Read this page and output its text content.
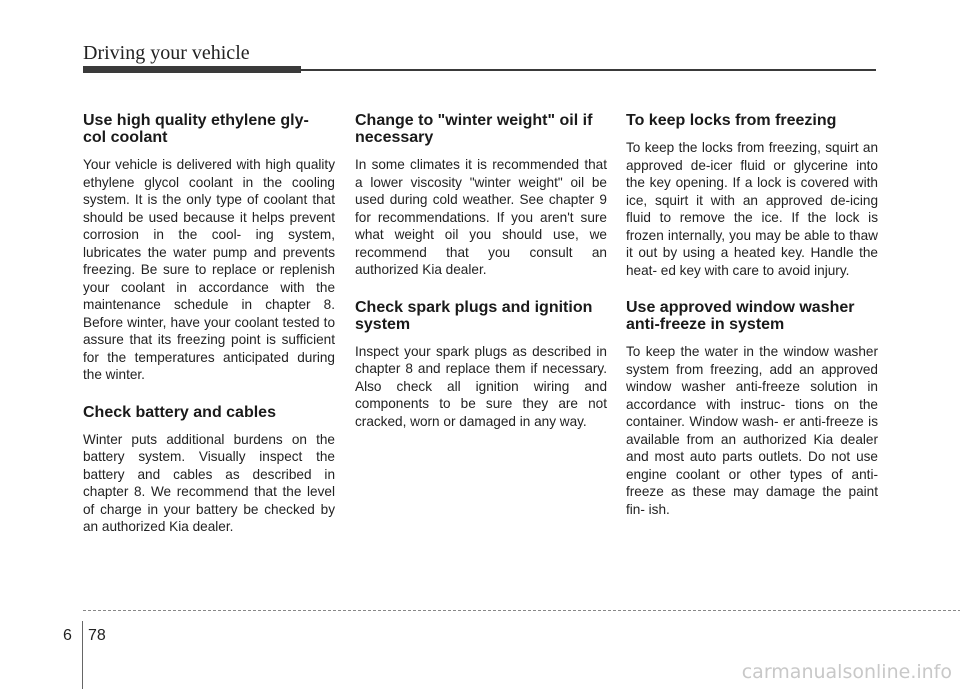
Driving your vehicle
Use high quality ethylene gly- col coolant

Your vehicle is delivered with high quality ethylene glycol coolant in the cooling system. It is the only type of coolant that should be used because it helps prevent corrosion in the cool- ing system, lubricates the water pump and prevents freezing. Be sure to replace or replenish your coolant in accordance with the maintenance schedule in chapter 8. Before winter, have your coolant tested to assure that its freezing point is sufficient for the temperatures anticipated during the winter.

Check battery and cables

Winter puts additional burdens on the battery system. Visually inspect the battery and cables as described in chapter 8. We recommend that the level of charge in your battery be checked by an authorized Kia dealer.

Change to "winter weight" oil if necessary

In some climates it is recommended that a lower viscosity "winter weight" oil be used during cold weather. See chapter 9 for recommendations. If you aren't sure what weight oil you should use, we recommend that you consult an authorized Kia dealer.

Check spark plugs and ignition system

Inspect your spark plugs as described in chapter 8 and replace them if necessary. Also check all ignition wiring and components to be sure they are not cracked, worn or damaged in any way.

To keep locks from freezing

To keep the locks from freezing, squirt an approved de-icer fluid or glycerine into the key opening. If a lock is covered with ice, squirt it with an approved de-icing fluid to remove the ice. If the lock is frozen internally, you may be able to thaw it out by using a heated key. Handle the heat- ed key with care to avoid injury.

Use approved window washer anti-freeze in system

To keep the water in the window washer system from freezing, add an approved window washer anti-freeze solution in accordance with instruc- tions on the container. Window wash- er anti-freeze is available from an authorized Kia dealer and most auto parts outlets. Do not use engine coolant or other types of anti-freeze as these may damage the paint fin- ish.

6 78
carmanualsonline.info
